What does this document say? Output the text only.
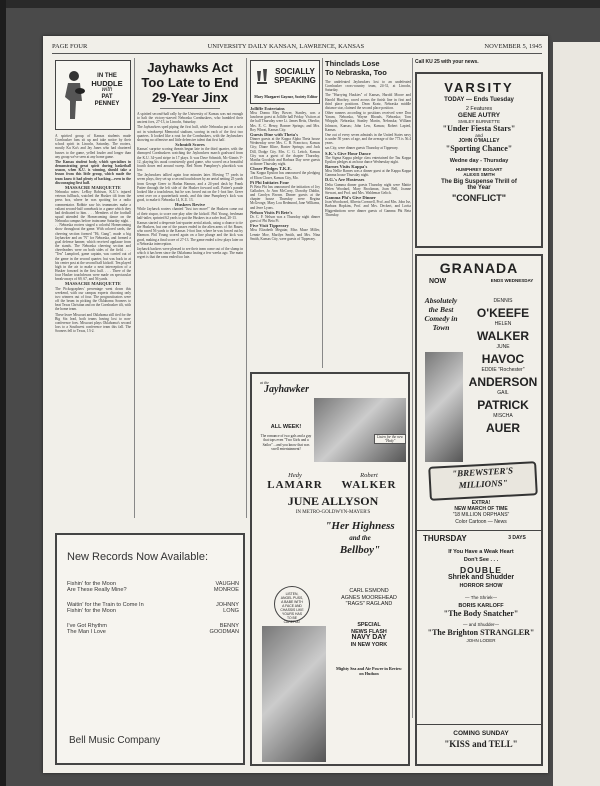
PAGE FOUR	UNIVERSITY DAILY KANSAN, LAWRENCE, KANSAS	NOVEMBER 5, 1945
IN THE
HUDDLE
with
PAT
PENNEY

A spirited group of Kansas students made Cornhusker fans sit up and take notice by their school spirit in Lincoln, Saturday. The rooters, mostly Ku Ku's and Jay Janes who had chartered busses to the game, yelled louder and longer than any group we've seen at any home game.

The Kansas student body, which specializes in demonstrating great spirit during basketball season, when K.U. is winning, should take a lesson from this little group, which made the team know it had plenty of backing—even in the discouraging first half.

MASSACRE MARQUETTE

Nebraska notes: LeRoy Robison, K.U.'s injured veteran fullback, watched the Husker tilt from the press box, where he was spotting for a radio commentator. Robbie saw his teammates make a valiant second-half comeback in a game which they had dedicated to him. . . . Members of the football squad attended the Homecoming dance on the Nebraska campus before traincame Saturday night. . . . Nebraska rooters staged a colorful Homecoming show throughout the game. With colored cards, the cheering section formed "Hi, Gang", made a big Jayhawker and an "N" for Nebraska, and formed a goal defense banner, which received applause from the stands. The Nebraska cheering section and cheerleaders were on both sides of the field. . . . "Ten" Lampford, game captain, was carried out of the game in the second quarter, but was back in at his center post at the second half kickoff. Ten played high in the air to make a neat interception of a Husker forward in the first half. . . . Three of the four Husker touchdowns were made on spectacular break-aways of 69, 67, and 56 yards.

MASSACRE MARQUETTE

The Pickographers' percentage went down this weekend, with our campus experts choosing only two winners out of four. The prognosticators were off the beam in picking the Oklahoma Sooners to beat Texas Christian and on the Cornhusker tilt, with the home team.

These leave Missouri and Oklahoma still tied for the Big Six lead, both teams having lost to non-conference foes. Missouri plays Oklahoma's second loss to a Southwest conference team this fall. The Sooners fell to Texas, 13-2.

Jayhawks Act
Too Late to End
29-Year Jinx

A spirited second-half rally by the University of Kansas was not enough to halt the victory-starved Nebraska Cornhuskers, who humbled their ancient foes, 27-13, in Lincoln, Saturday.

The Jayhawkers sped piping the first half, while Nebraska put on a solo act in windswept Memorial stadium, scoring in each of the first two quarters. It looked like a rout for the Cornhuskers, with the Jayhawkers showing no offensive and little defensive talent that first half.

Schmidt Scores

Kansas' surprise scoring threats began late in the third quarter, with the dismayed Cornhuskers watching the Jayhawkers march goalward from the K.U. 34-yard stripe in 17 plays. It was Dave Schmidt, Mc-Ginnis V-12, playing his usual consistently good game, who scored on a beautiful fourth down end around sweep. Red Norm Pumphrey's placekick was low.

The Jayhawkers tallied again four minutes later. Moving 77 yards in seven plays, they set up a second touchdown by an aerial netting 25 yards from George Greer to Harlan Hanson, and a 24-yard dash by Frank Pattee through the left side of the Husker forward wall. Pattee's parade looked like a touchdown, but he was forced out on the 1-foot line. Greer went over on a quarterback sneak, and this time Pumphrey's kick was good, to make it Nebraska 14, K.U. 13.

Huskers Revive

While Jayhawk rooters chanted "Just two more!" the Huskers came out of their stupor, to score one play after the kickoff. Phil Young, freshman half-tailer, sprinted 62 yards to put the Huskers in a safer lead, 20-13.

Kansas started a desperate last-quarter aerial attack, using a chance to tie the Huskers, but one of the passes ended in the alien arms of Art Bauer, who raced 56 yards to the Kansas 1-foot line, where he was forced out by Harmon. Phil Young scored again on a line plunge and the kick was good, making a final score of 27-13. The game ended a few plays later on a Nebraska interception.

Jayhawk backers were pleased to see their team come out of the slump in which it has been since the Oklahoma lasting a few weeks ago. The main regret is that the rams ended too late.

New Records Now Available:
Fishin' for the Moon	VAUGHN
Are These Really Mine?	MONROE
Waitin' for the Train to Come In	JOHNNY
Fishin' for the Moon	LONG
I've Got Rhythm	BENNY
The Man I Love	GOODMAN
Bell Music Company
SOCIALLY
SPEAKING
Mary Margaret Gaynor, Society Editor
Jolliffe Entertains

Miss Donna May Bower, Stanley, was a luncheon guest at Jolliffe hall Friday. Visitors at the hall Thursday were Lt. James Betts, Oberlin; Mrs. E. C. Henry, Bonner Springs; and Mrs. Roy Wheat, Kansas City.

Guests Dine with Theta's

Dinner guests at the Kappa Alpha Theta house Wednesday were Mrs. C. B. Francisco, Kansas City; Diane Kline, Baxter Springs; and Jack Dill, Dodge City. Mrs. C. G. Leitch, Kansas City was a guest of the chapter Thursday. Martha Goodrich and Barbara Day were guests at dinner Thursday night.

Closer Pledges T.K.E.

Tau Kappa Epsilon has announced the pledging of Elton Closer, Kansas City, Mo.

Pi Phi Initiates Four

Pi Beta Phi has announced the initiation of Joy Gallacher, Jo Ann McCorry, Dorothy Dablin, and Carolyn Brown. Dinner guests at the chapter house Thursday were Regina McGeorge, Mary Lou Redmond, Jane Williams, and Jerre Lyons.

Nelson Visits Pi Bete's

Dr. C. F. Nelson was a Thursday night dinner guest of Phi Beta Pi.

Five Visit Tipperary

Miss Elizabeth Meguiar, Miss Maxe Miller, Lennie Moe, Marilyn Smith, and Mrs. Nina Smith, Kansas City, were guests of Tipperary.

Thinclads Lose
To Nebraska, Too

The undefeated Jayhawkers lost to an undefeated Cornhusker cross-country team, 24-31, at Lincoln, Saturday.

The "Hurrying Huskies" of Kansas, Harold Moore and Harold Hinchey, raced across the finish line in first and third place positions. Dean Kratz, Nebraska middle distance star, claimed the second place position.

Other runners according to positions received were Don Yarum, Nebraska, Wayne Rhoads, Nebraska; Tom Whipple, Nebraska; Stanley Martin, Nebraska; William Johnson, Kansas; John Lew, Kansas; Robert Lapted, Kansas.

One out of every seven admirals in the United States navy is under 50 years of age, and the average of the 773 is 56.4 years.

sas City, were dinner guests Thursday at Tipperary.

S.K.'s Give Hour Dance

The Sigma Kappa pledge class entertained the Tau Kappa Epsilon pledges at an hour dance Wednesday night.

Barnes Visits Kappa's

Miss Nellie Barnes was a dinner guest at the Kappa Kappa Gamma house Thursday night.

D.G.'s Are Hostesses

Delta Gamma dinner guests Thursday night were Mattie Helen Woodard, Mary Brockman, Joan Bell, Joanne Stewart, and Prof. and Mrs. Waldemar Geltch.

Gamma Phi's Give Dinner

Joan Woodward, Alberta Cornwell, Prof. and Mrs. John Ise, Barbara Hopkins, Prof. and Mrs. Deckert, and Lorita Higgenbottom were dinner guests of Gamma Phi Beta Thursday.

at the
Jayhawker
ALL WEEK!
The romance of two gals and a guy that tops even "Two Girls and a Sailor" ...and you know that was swell entertainment!
Listen for the new "Hedy"
Hedy
LAMARR
Robert
WALKER
JUNE ALLYSON
IN METRO-GOLDWYN-MAYER'S
"Her Highness
and the
Bellboy"
LISTEN, ANGEL PUSS, A BABE WITH A FACE AND CHASSIS LIKE YOURS HAS TO BE CAREFUL!
CARL ESMOND
AGNES MOOREHEAD
"RAGS" RAGLAND
SPECIAL
NEWS FLASH
NAVY DAY
IN NEW YORK
Mighty Sea and Air Power in Review on Hudson
Call KU 25 with your news.
VARSITY
TODAY — Ends Tuesday
2 Features
GENE AUTRY
SMILEY BURNETTE
"Under Fiesta Stars"
and
JOHN O'MALLEY
"Sporting Chance"
Wedne day - Thursday
HUMPHREY BOGART
ALEXIS SMITH
The Big Suspense Thrill of the Year
"CONFLICT"
GRANADA
NOW	ENDS WEDNESDAY
Absolutely the Best Comedy in Town
DENNIS
O'KEEFE
HELEN
WALKER
JUNE
HAVOC
EDDIE "Rochester"
ANDERSON
GAIL
PATRICK
MISCHA
AUER
"BREWSTER'S
MILLIONS"
EXTRA!
NEW MARCH OF TIME
"18 MILLION ORPHANS"
Color Cartoon — News
THURSDAY	3 DAYS
If You Have a Weak Heart
Don't See . . .
DOUBLE
Shriek and Shudder
HORROR SHOW
— The Shriek—
BORIS KARLOFF
"The Body Snatcher"
— and Shudder—
"The Brighton STRANGLER"
JOHN LODER
COMING SUNDAY
"KISS and TELL"
